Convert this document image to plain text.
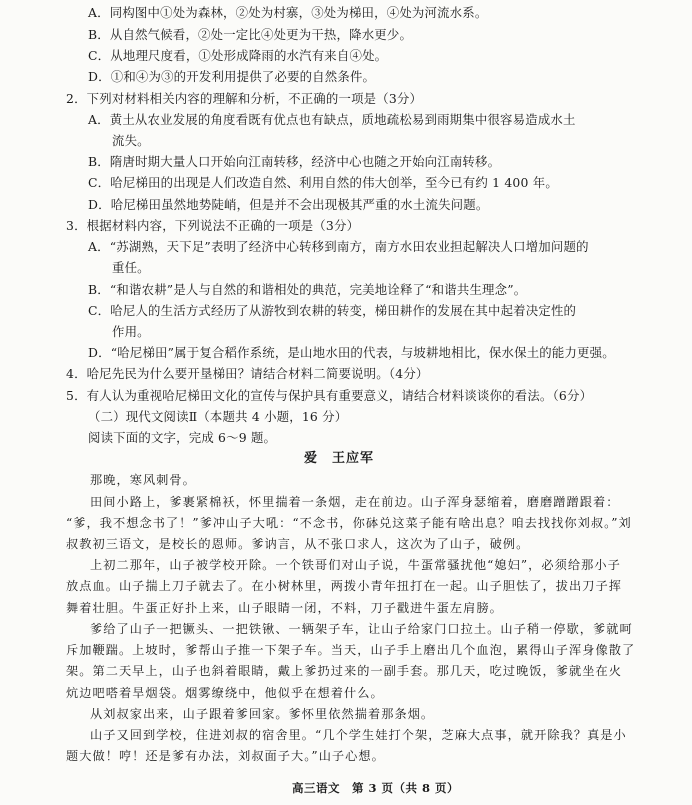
A．同构图中①处为森林，②处为村寨，③处为梯田，④处为河流水系。
B．从自然气候看，②处一定比④处更为干热，降水更少。
C．从地理尺度看，①处形成降雨的水汽有来自④处。
D．①和④为③的开发利用提供了必要的自然条件。
2．下列对材料相关内容的理解和分析，不正确的一项是（3分）
A．黄土从农业发展的角度看既有优点也有缺点，质地疏松易到雨期集中很容易造成水土
流失。
B．隋唐时期大量人口开始向江南转移，经济中心也随之开始向江南转移。
C．哈尼梯田的出现是人们改造自然、利用自然的伟大创举，至今已有约 1 400 年。
D．哈尼梯田虽然地势陡峭，但是并不会出现极其严重的水土流失问题。
3．根据材料内容，下列说法不正确的一项是（3分）
A．“苏湖熟，天下足”表明了经济中心转移到南方，南方水田农业担起解决人口增加问题的
重任。
B．“和谐农耕”是人与自然的和谐相处的典范，完美地诠释了“和谐共生理念”。
C．哈尼人的生活方式经历了从游牧到农耕的转变，梯田耕作的发展在其中起着决定性的
作用。
D．“哈尼梯田”属于复合稻作系统，是山地水田的代表，与坡耕地相比，保水保土的能力更强。
4．哈尼先民为什么要开垦梯田？请结合材料二简要说明。（4分）
5．有人认为重视哈尼梯田文化的宣传与保护具有重要意义，请结合材料谈谈你的看法。（6分）
（二）现代文阅读Ⅱ（本题共 4 小题，16 分）
阅读下面的文字，完成 6～9 题。
爱　王应军
那晚，寒风刺骨。
田间小路上，爹裹紧棉袄，怀里揣着一条烟，走在前边。山子浑身瑟缩着，磨磨蹭蹭跟着：
“爹，我不想念书了！”爹冲山子大吼：“不念书，你砵兑这菜子能有啥出息？咱去找找你刘叔。”刘
叔教初三语文，是校长的恩师。爹讷言，从不张口求人，这次为了山子，破例。
上初二那年，山子被学校开除。一个铁哥们对山子说，牛蛋常骚扰他“媳妇”，必须给那小子
放点血。山子揣上刀子就去了。在小树林里，两拨小青年扭打在一起。山子胆怯了，拔出刀子挥
舞着壮胆。牛蛋正好扑上来，山子眼睛一闭，不料，刀子戳进牛蛋左肩膀。
爹给了山子一把镢头、一把铁锹、一辆架子车，让山子给家门口拉土。山子稍一停歇，爹就呵
斥加鞭踹。上坡时，爹帮山子推一下架子车。当天，山子手上磨出几个血泡，累得山子浑身像散了
架。第二天早上，山子也斜着眼睛，戴上爹扔过来的一副手套。那几天，吃过晚饭，爹就坐在火
炕边吧嗒着旱烟袋。烟雾缭绕中，他似乎在想着什么。
从刘叔家出来，山子跟着爹回家。爹怀里依然揣着那条烟。
山子又回到学校，住进刘叔的宿舍里。“几个学生娃打个架，芝麻大点事，就开除我？真是小
题大做！哼！还是爹有办法，刘叔面子大。”山子心想。
高三语文　第 3 页（共 8 页）
